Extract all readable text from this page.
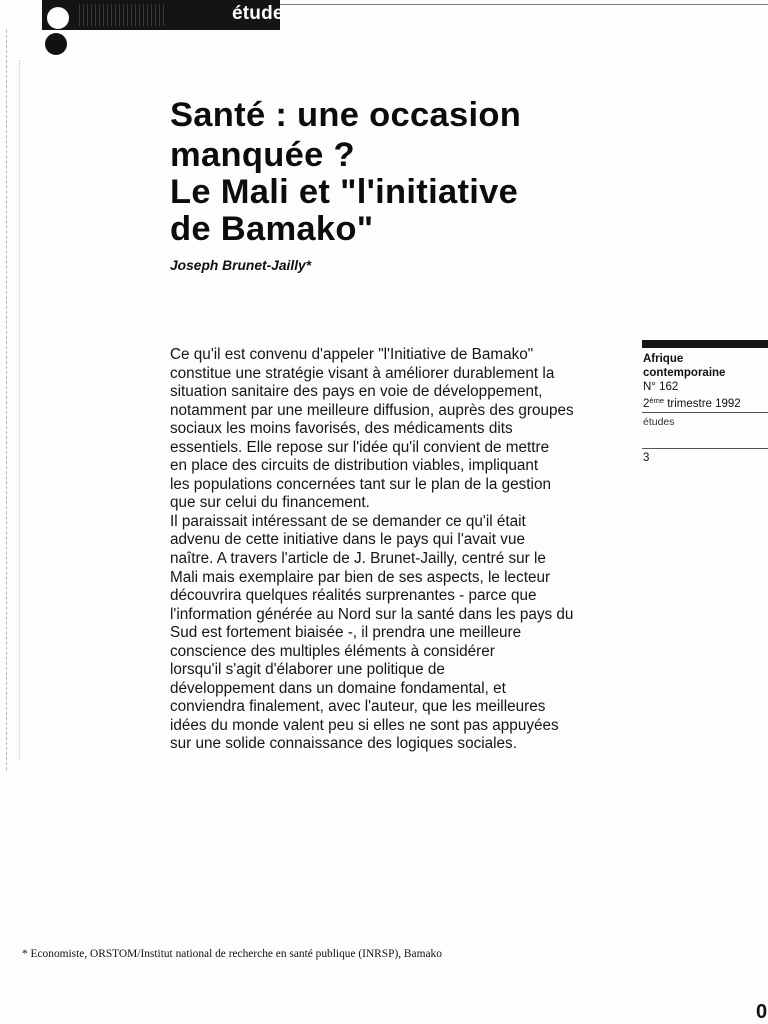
études
Santé : une occasion
manquée ?
Le Mali et "l'initiative
de Bamako"
Joseph Brunet-Jailly*
Afrique contemporaine
N° 162
2ème trimestre 1992
études
3

Ce qu'il est convenu d'appeler "l'Initiative de Bamako"
constitue une stratégie visant à améliorer durablement la
situation sanitaire des pays en voie de développement,
notamment par une meilleure diffusion, auprès des groupes
sociaux les moins favorisés, des médicaments dits
essentiels. Elle repose sur l'idée qu'il convient de mettre
en place des circuits de distribution viables, impliquant
les populations concernées tant sur le plan de la gestion
que sur celui du financement.

Il paraissait intéressant de se demander ce qu'il était
advenu de cette initiative dans le pays qui l'avait vue
naître. A travers l'article de J. Brunet-Jailly, centré sur le
Mali mais exemplaire par bien de ses aspects, le lecteur
découvrira quelques réalités surprenantes - parce que
l'information générée au Nord sur la santé dans les pays du
Sud est fortement biaisée -, il prendra une meilleure
conscience des multiples éléments à considérer
lorsqu'il s'agit d'élaborer une politique de
développement dans un domaine fondamental, et
conviendra finalement, avec l'auteur, que les meilleures
idées du monde valent peu si elles ne sont pas appuyées
sur une solide connaissance des logiques sociales.

* Economiste, ORSTOM/Institut national de recherche en santé publique (INRSP), Bamako
0
